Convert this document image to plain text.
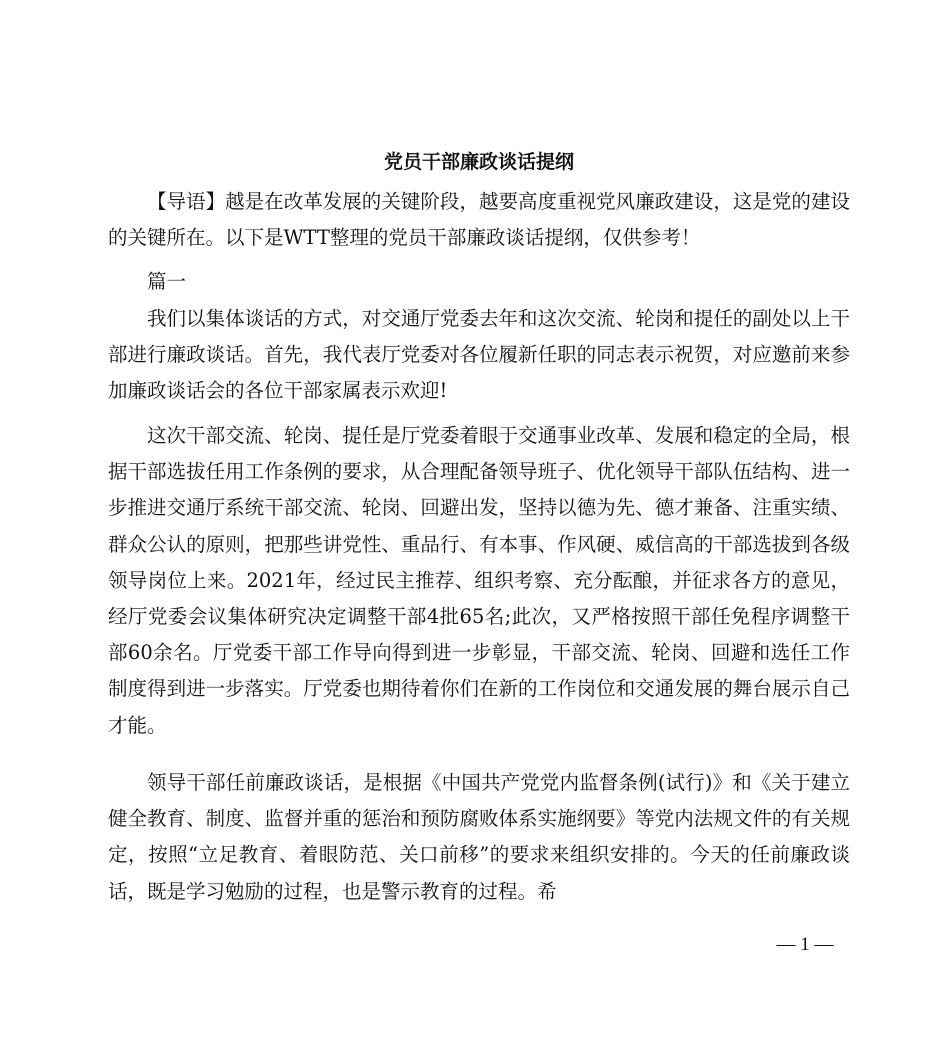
党员干部廉政谈话提纲

【导语】越是在改革发展的关键阶段，越要高度重视党风廉政建设，这是党的建设的关键所在。以下是WTT整理的党员干部廉政谈话提纲，仅供参考！

篇一

我们以集体谈话的方式，对交通厅党委去年和这次交流、轮岗和提任的副处以上干部进行廉政谈话。首先，我代表厅党委对各位履新任职的同志表示祝贺，对应邀前来参加廉政谈话会的各位干部家属表示欢迎!

这次干部交流、轮岗、提任是厅党委着眼于交通事业改革、发展和稳定的全局，根据干部选拔任用工作条例的要求，从合理配备领导班子、优化领导干部队伍结构、进一步推进交通厅系统干部交流、轮岗、回避出发，坚持以德为先、德才兼备、注重实绩、群众公认的原则，把那些讲党性、重品行、有本事、作风硬、威信高的干部选拔到各级领导岗位上来。2021年，经过民主推荐、组织考察、充分酝酿，并征求各方的意见，经厅党委会议集体研究决定调整干部4批65名;此次，又严格按照干部任免程序调整干部60余名。厅党委干部工作导向得到进一步彰显，干部交流、轮岗、回避和选任工作制度得到进一步落实。厅党委也期待着你们在新的工作岗位和交通发展的舞台展示自己才能。

领导干部任前廉政谈话，是根据《中国共产党党内监督条例(试行)》和《关于建立健全教育、制度、监督并重的惩治和预防腐败体系实施纲要》等党内法规文件的有关规定，按照“立足教育、着眼防范、关口前移”的要求来组织安排的。今天的任前廉政谈话，既是学习勉励的过程，也是警示教育的过程。希

— 1 —
